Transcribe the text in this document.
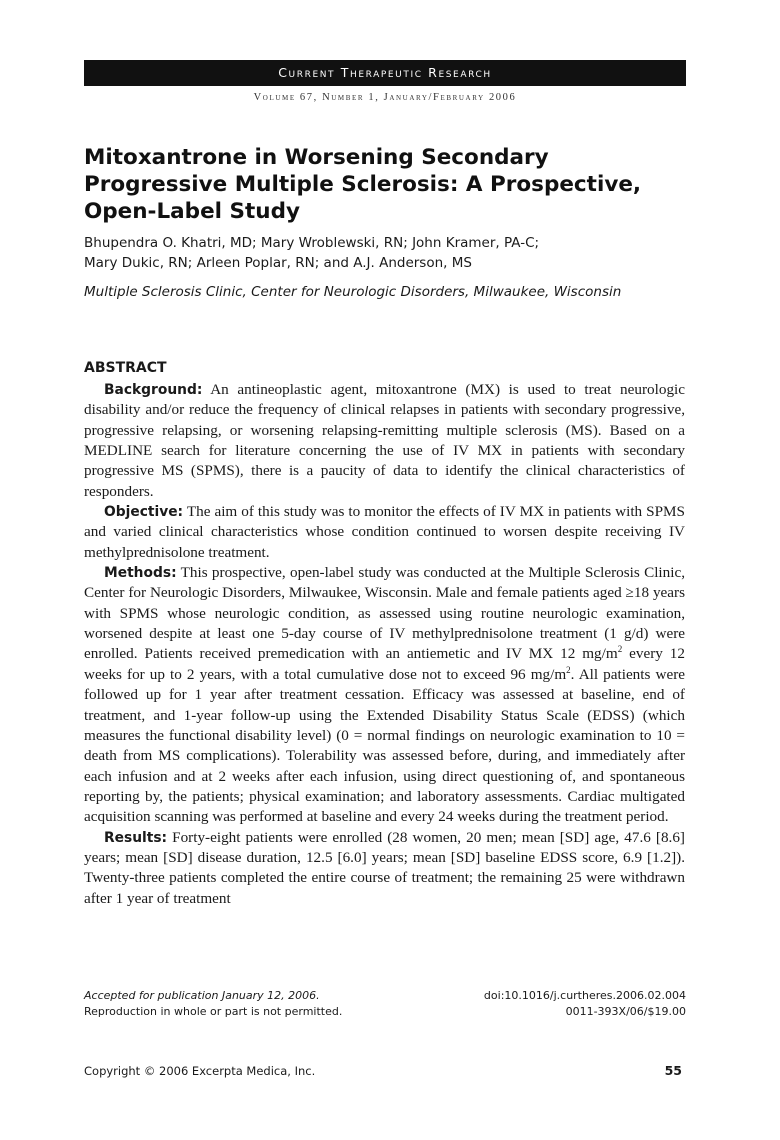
Current Therapeutic Research
Volume 67, Number 1, January/February 2006
Mitoxantrone in Worsening Secondary Progressive Multiple Sclerosis: A Prospective, Open-Label Study
Bhupendra O. Khatri, MD; Mary Wroblewski, RN; John Kramer, PA-C;
Mary Dukic, RN; Arleen Poplar, RN; and A.J. Anderson, MS
Multiple Sclerosis Clinic, Center for Neurologic Disorders, Milwaukee, Wisconsin
ABSTRACT

Background: An antineoplastic agent, mitoxantrone (MX) is used to treat neurologic disability and/or reduce the frequency of clinical relapses in patients with secondary progressive, progressive relapsing, or worsening relapsing-remitting multiple sclerosis (MS). Based on a MEDLINE search for literature concerning the use of IV MX in patients with secondary progressive MS (SPMS), there is a paucity of data to identify the clinical characteristics of responders.

Objective: The aim of this study was to monitor the effects of IV MX in patients with SPMS and varied clinical characteristics whose condition continued to worsen despite receiving IV methylprednisolone treatment.

Methods: This prospective, open-label study was conducted at the Multiple Sclerosis Clinic, Center for Neurologic Disorders, Milwaukee, Wisconsin. Male and female patients aged ≥18 years with SPMS whose neurologic condition, as assessed using routine neurologic examination, worsened despite at least one 5-day course of IV methylprednisolone treatment (1 g/d) were enrolled. Patients received premedication with an antiemetic and IV MX 12 $mg/m^2$ every 12 weeks for up to 2 years, with a total cumulative dose not to exceed 96 $mg/m^2$. All patients were followed up for 1 year after treatment cessation. Efficacy was assessed at baseline, end of treatment, and 1-year follow-up using the Extended Disability Status Scale (EDSS) (which measures the functional disability level) (0 = normal findings on neurologic examination to 10 = death from MS complications). Tolerability was assessed before, during, and immediately after each infusion and at 2 weeks after each infusion, using direct questioning of, and spontaneous reporting by, the patients; physical examination; and laboratory assessments. Cardiac multigated acquisition scanning was performed at baseline and every 24 weeks during the treatment period.

Results: Forty-eight patients were enrolled (28 women, 20 men; mean [SD] age, 47.6 [8.6] years; mean [SD] disease duration, 12.5 [6.0] years; mean [SD] baseline EDSS score, 6.9 [1.2]). Twenty-three patients completed the entire course of treatment; the remaining 25 were withdrawn after 1 year of treatment

Accepted for publication January 12, 2006.
Reproduction in whole or part is not permitted.
doi:10.1016/j.curtheres.2006.02.004
0011-393X/06/$19.00
Copyright © 2006 Excerpta Medica, Inc.	55
